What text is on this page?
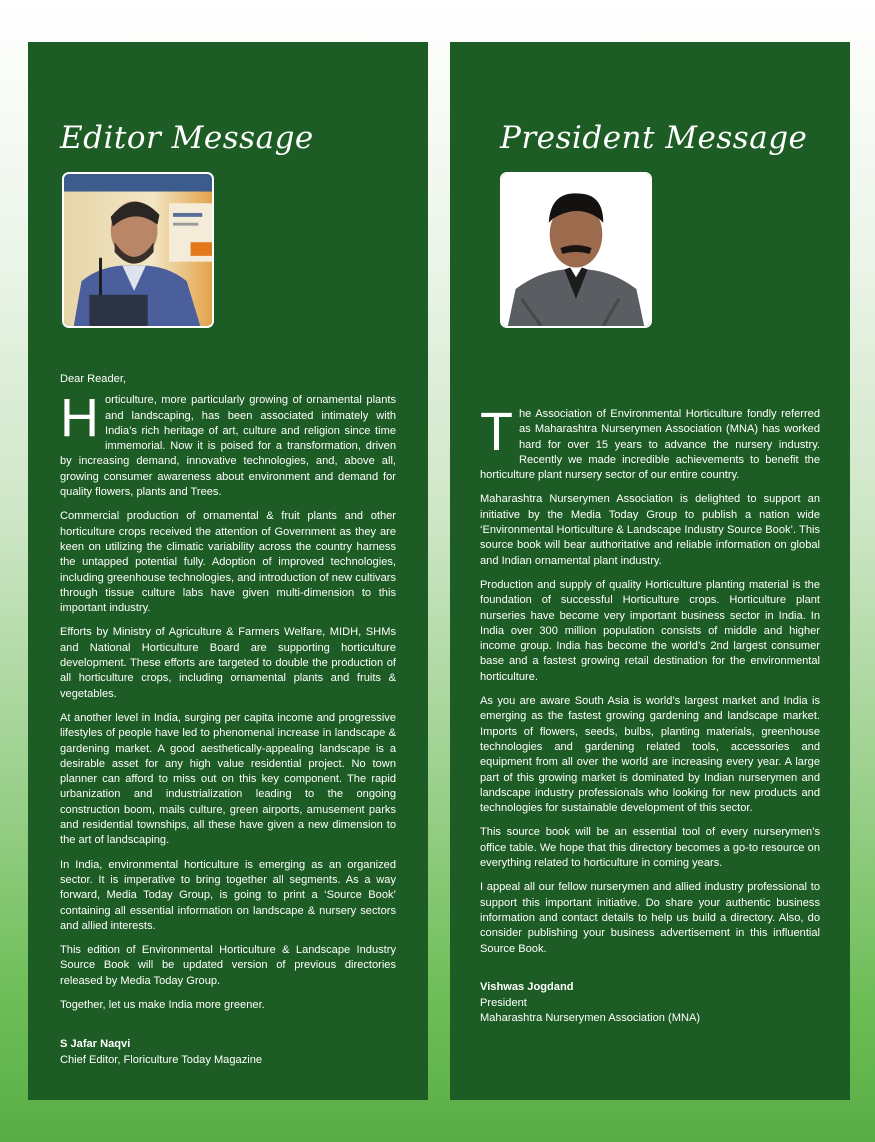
Editor Message

Dear Reader,

Horticulture, more particularly growing of ornamental plants and landscaping, has been associated intimately with India’s rich heritage of art, culture and religion since time immemorial. Now it is poised for a transformation, driven by increasing demand, innovative technologies, and, above all, growing consumer awareness about environment and demand for quality flowers, plants and Trees.

Commercial production of ornamental & fruit plants and other horticulture crops received the attention of Government as they are keen on utilizing the climatic variability across the country harness the untapped potential fully. Adoption of improved technologies, including greenhouse technologies, and introduction of new cultivars through tissue culture labs have given multi-dimension to this important industry.

Efforts by Ministry of Agriculture & Farmers Welfare, MIDH, SHMs and National Horticulture Board are supporting horticulture development. These efforts are targeted to double the production of all horticulture crops, including ornamental plants and fruits & vegetables.

At another level in India, surging per capita income and progressive lifestyles of people have led to phenomenal increase in landscape & gardening market. A good aesthetically-appealing landscape is a desirable asset for any high value residential project. No town planner can afford to miss out on this key component. The rapid urbanization and industrialization leading to the ongoing construction boom, mails culture, green airports, amusement parks and residential townships, all these have given a new dimension to the art of landscaping.

In India, environmental horticulture is emerging as an organized sector. It is imperative to bring together all segments. As a way forward, Media Today Group, is going to print a ‘Source Book’ containing all essential information on landscape & nursery sectors and allied interests.

This edition of Environmental Horticulture & Landscape Industry Source Book will be updated version of previous directories released by Media Today Group.

Together, let us make India more greener.

S Jafar Naqvi
Chief Editor, Floriculture Today Magazine
President Message

The Association of Environmental Horticulture fondly referred as Maharashtra Nurserymen Association (MNA) has worked hard for over 15 years to advance the nursery industry. Recently we made incredible achievements to benefit the horticulture plant nursery sector of our entire country.

Maharashtra Nurserymen Association is delighted to support an initiative by the Media Today Group to publish a nation wide ‘Environmental Horticulture & Landscape Industry Source Book’. This source book will bear authoritative and reliable information on global and Indian ornamental plant industry.

Production and supply of quality Horticulture planting material is the foundation of successful Horticulture crops. Horticulture plant nurseries have become very important business sector in India. In India over 300 million population consists of middle and higher income group. India has become the world’s 2nd largest consumer base and a fastest growing retail destination for the environmental horticulture.

As you are aware South Asia is world’s largest market and India is emerging as the fastest growing gardening and landscape market. Imports of flowers, seeds, bulbs, planting materials, greenhouse technologies and gardening related tools, accessories and equipment from all over the world are increasing every year. A large part of this growing market is dominated by Indian nurserymen and landscape industry professionals who looking for new products and technologies for sustainable development of this sector.

This source book will be an essential tool of every nurserymen’s office table. We hope that this directory becomes a go-to resource on everything related to horticulture in coming years.

I appeal all our fellow nurserymen and allied industry professional to support this important initiative. Do share your authentic business information and contact details to help us build a directory. Also, do consider publishing your business advertisement in this influential Source Book.

Vishwas Jogdand
President
Maharashtra Nurserymen Association (MNA)
